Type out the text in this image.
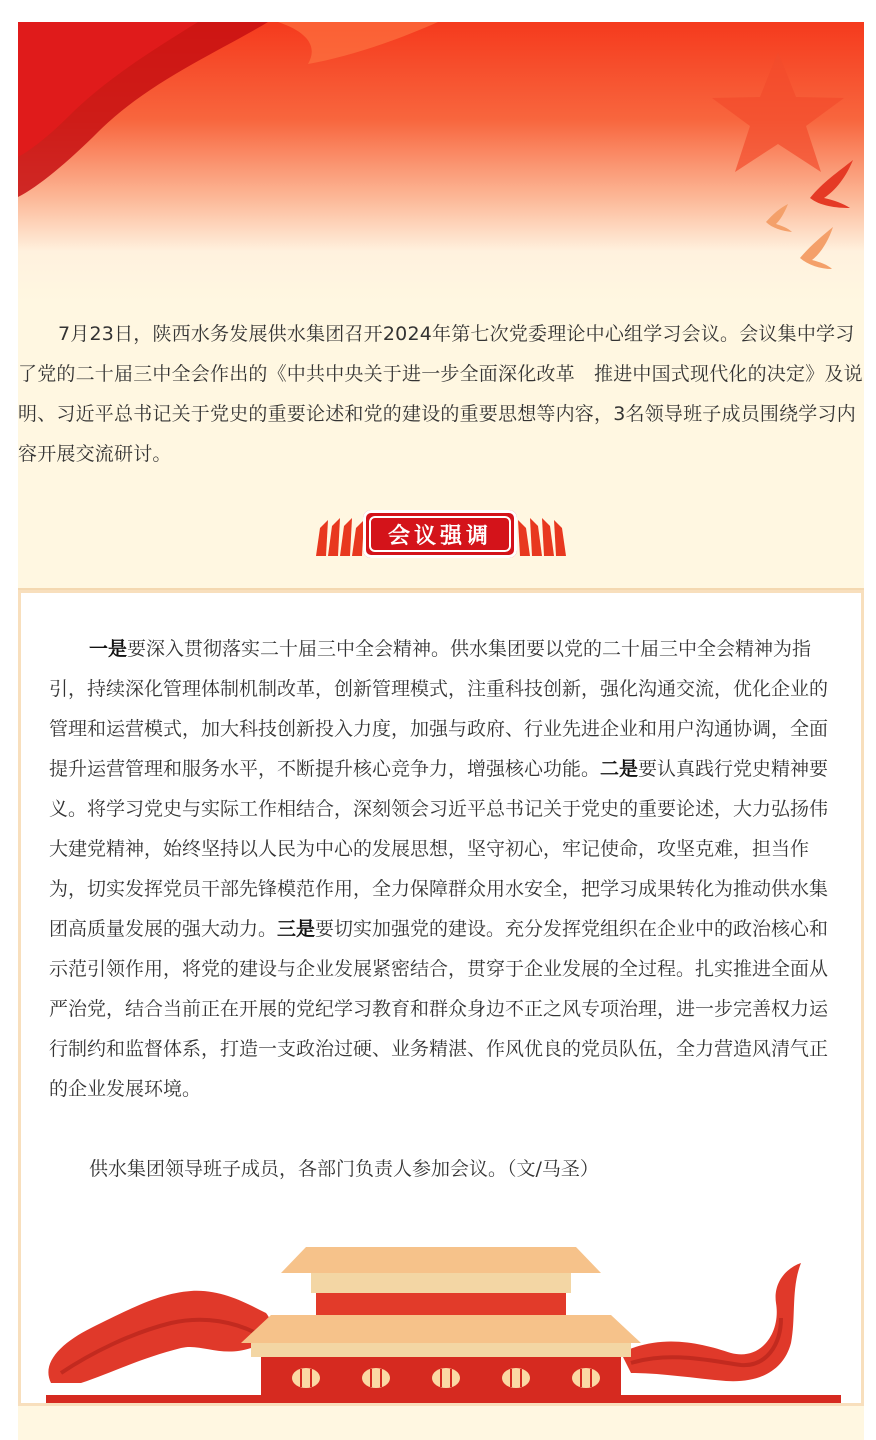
7月23日，陕西水务发展供水集团召开2024年第七次党委理论中心组学习会议。会议集中学习了党的二十届三中全会作出的《中共中央关于进一步全面深化改革　推进中国式现代化的决定》及说明、习近平总书记关于党史的重要论述和党的建设的重要思想等内容，3名领导班子成员围绕学习内容开展交流研讨。

会议强调

一是要深入贯彻落实二十届三中全会精神。供水集团要以党的二十届三中全会精神为指引，持续深化管理体制机制改革，创新管理模式，注重科技创新，强化沟通交流，优化企业的管理和运营模式，加大科技创新投入力度，加强与政府、行业先进企业和用户沟通协调，全面提升运营管理和服务水平，不断提升核心竞争力，增强核心功能。二是要认真践行党史精神要义。将学习党史与实际工作相结合，深刻领会习近平总书记关于党史的重要论述，大力弘扬伟大建党精神，始终坚持以人民为中心的发展思想，坚守初心，牢记使命，攻坚克难，担当作为，切实发挥党员干部先锋模范作用，全力保障群众用水安全，把学习成果转化为推动供水集团高质量发展的强大动力。三是要切实加强党的建设。充分发挥党组织在企业中的政治核心和示范引领作用，将党的建设与企业发展紧密结合，贯穿于企业发展的全过程。扎实推进全面从严治党，结合当前正在开展的党纪学习教育和群众身边不正之风专项治理，进一步完善权力运行制约和监督体系，打造一支政治过硬、业务精湛、作风优良的党员队伍，全力营造风清气正的企业发展环境。

供水集团领导班子成员，各部门负责人参加会议。（文/马圣）
